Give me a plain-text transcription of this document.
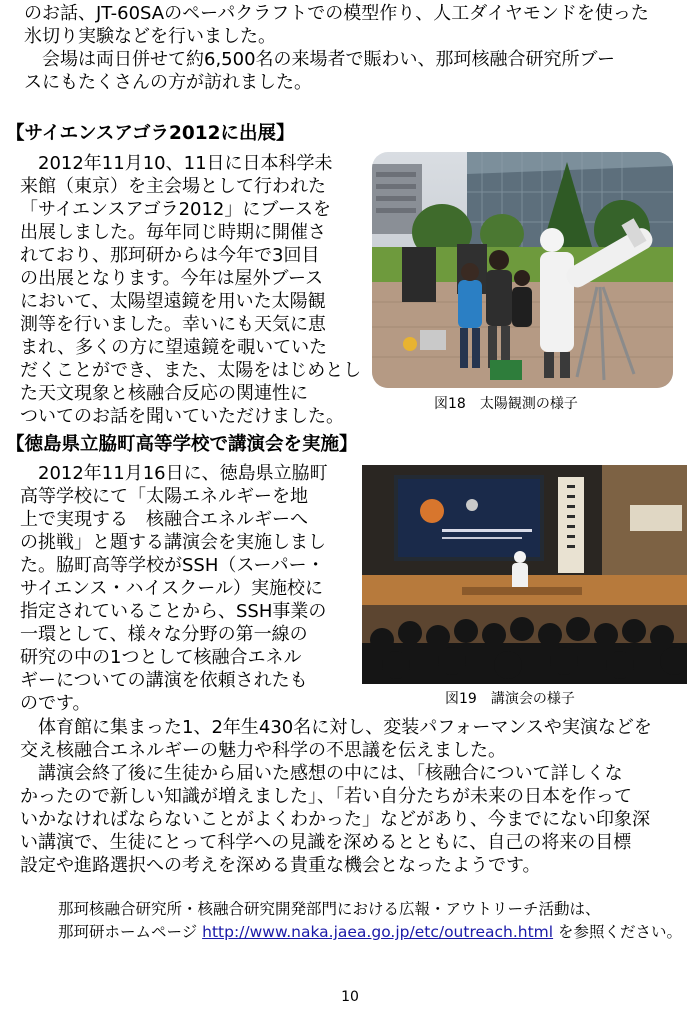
のお話、JT-60SAのペーパクラフトでの模型作り、人工ダイヤモンドを使った
氷切り実験などを行いました。
　会場は両日併せて約6,500名の来場者で賑わい、那珂核融合研究所ブー
スにもたくさんの方が訪れました。
【サイエンスアゴラ2012に出展】
　2012年11月10、11日に日本科学未
来館（東京）を主会場として行われた
「サイエンスアゴラ2012」にブースを
出展しました。毎年同じ時期に開催さ
れており、那珂研からは今年で3回目
の出展となります。今年は屋外ブース
において、太陽望遠鏡を用いた太陽観
測等を行いました。幸いにも天気に恵
まれ、多くの方に望遠鏡を覗いていた
だくことができ、また、太陽をはじめとし
た天文現象と核融合反応の関連性に
ついてのお話を聞いていただけました。
図18　太陽観測の様子
【徳島県立脇町高等学校で講演会を実施】
　2012年11月16日に、徳島県立脇町
高等学校にて「太陽エネルギーを地
上で実現する　核融合エネルギーへ
の挑戦」と題する講演会を実施しまし
た。脇町高等学校がSSH（スーパー・
サイエンス・ハイスクール）実施校に
指定されていることから、SSH事業の
一環として、様々な分野の第一線の
研究の中の1つとして核融合エネル
ギーについての講演を依頼されたも
のです。	図19　講演会の様子
　体育館に集まった1、2年生430名に対し、変装パフォーマンスや実演などを
交え核融合エネルギーの魅力や科学の不思議を伝えました。
　講演会終了後に生徒から届いた感想の中には、「核融合について詳しくな
かったので新しい知識が増えました」、「若い自分たちが未来の日本を作って
いかなければならないことがよくわかった」などがあり、今までにない印象深
い講演で、生徒にとって科学への見識を深めるとともに、自己の将来の目標
設定や進路選択への考えを深める貴重な機会となったようです。
那珂核融合研究所・核融合研究開発部門における広報・アウトリーチ活動は、
那珂研ホームページ http://www.naka.jaea.go.jp/etc/outreach.html を参照ください。
10
